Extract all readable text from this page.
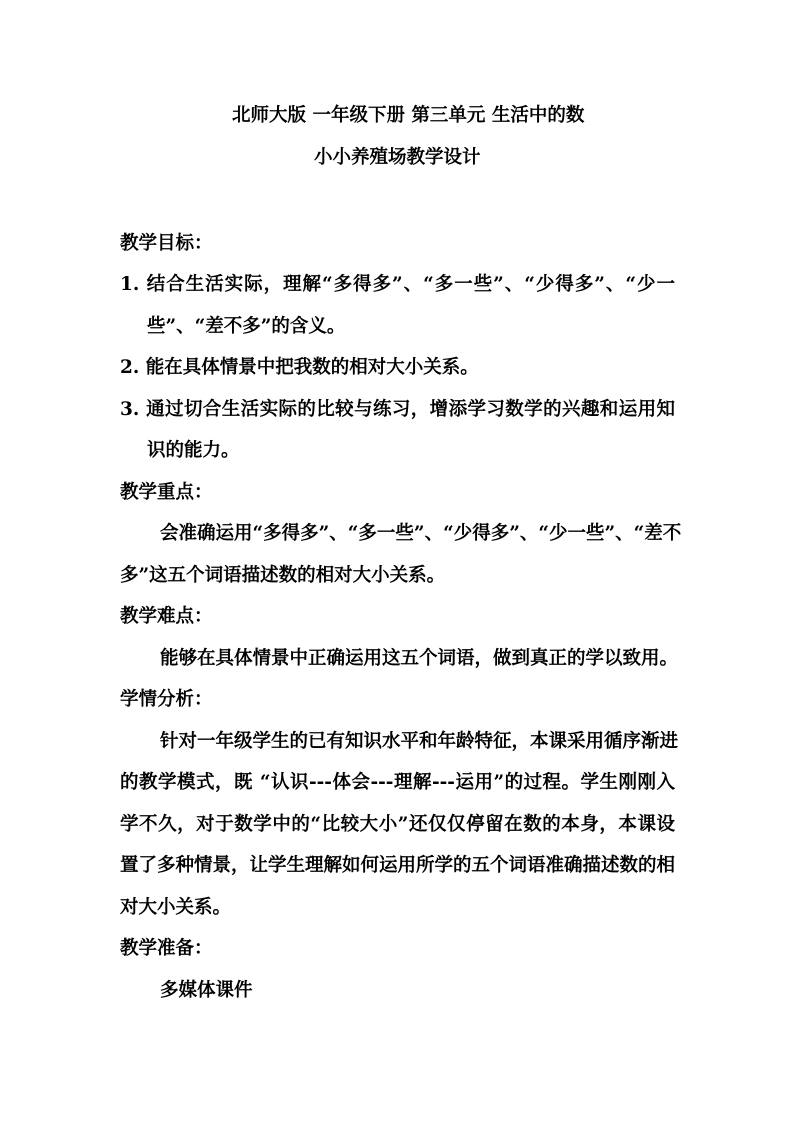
北师大版 一年级下册 第三单元 生活中的数
小小养殖场教学设计
教学目标：
1. 结合生活实际，理解“多得多”、“多一些”、“少得多”、“少一
些”、“差不多”的含义。
2. 能在具体情景中把我数的相对大小关系。
3. 通过切合生活实际的比较与练习，增添学习数学的兴趣和运用知
识的能力。
教学重点：
会准确运用“多得多”、“多一些”、“少得多”、“少一些”、“差不
多”这五个词语描述数的相对大小关系。
教学难点：
能够在具体情景中正确运用这五个词语，做到真正的学以致用。
学情分析：
针对一年级学生的已有知识水平和年龄特征，本课采用循序渐进
的教学模式，既 “认识---体会---理解---运用”的过程。学生刚刚入
学不久，对于数学中的“比较大小”还仅仅停留在数的本身，本课设
置了多种情景，让学生理解如何运用所学的五个词语准确描述数的相
对大小关系。
教学准备：
多媒体课件
